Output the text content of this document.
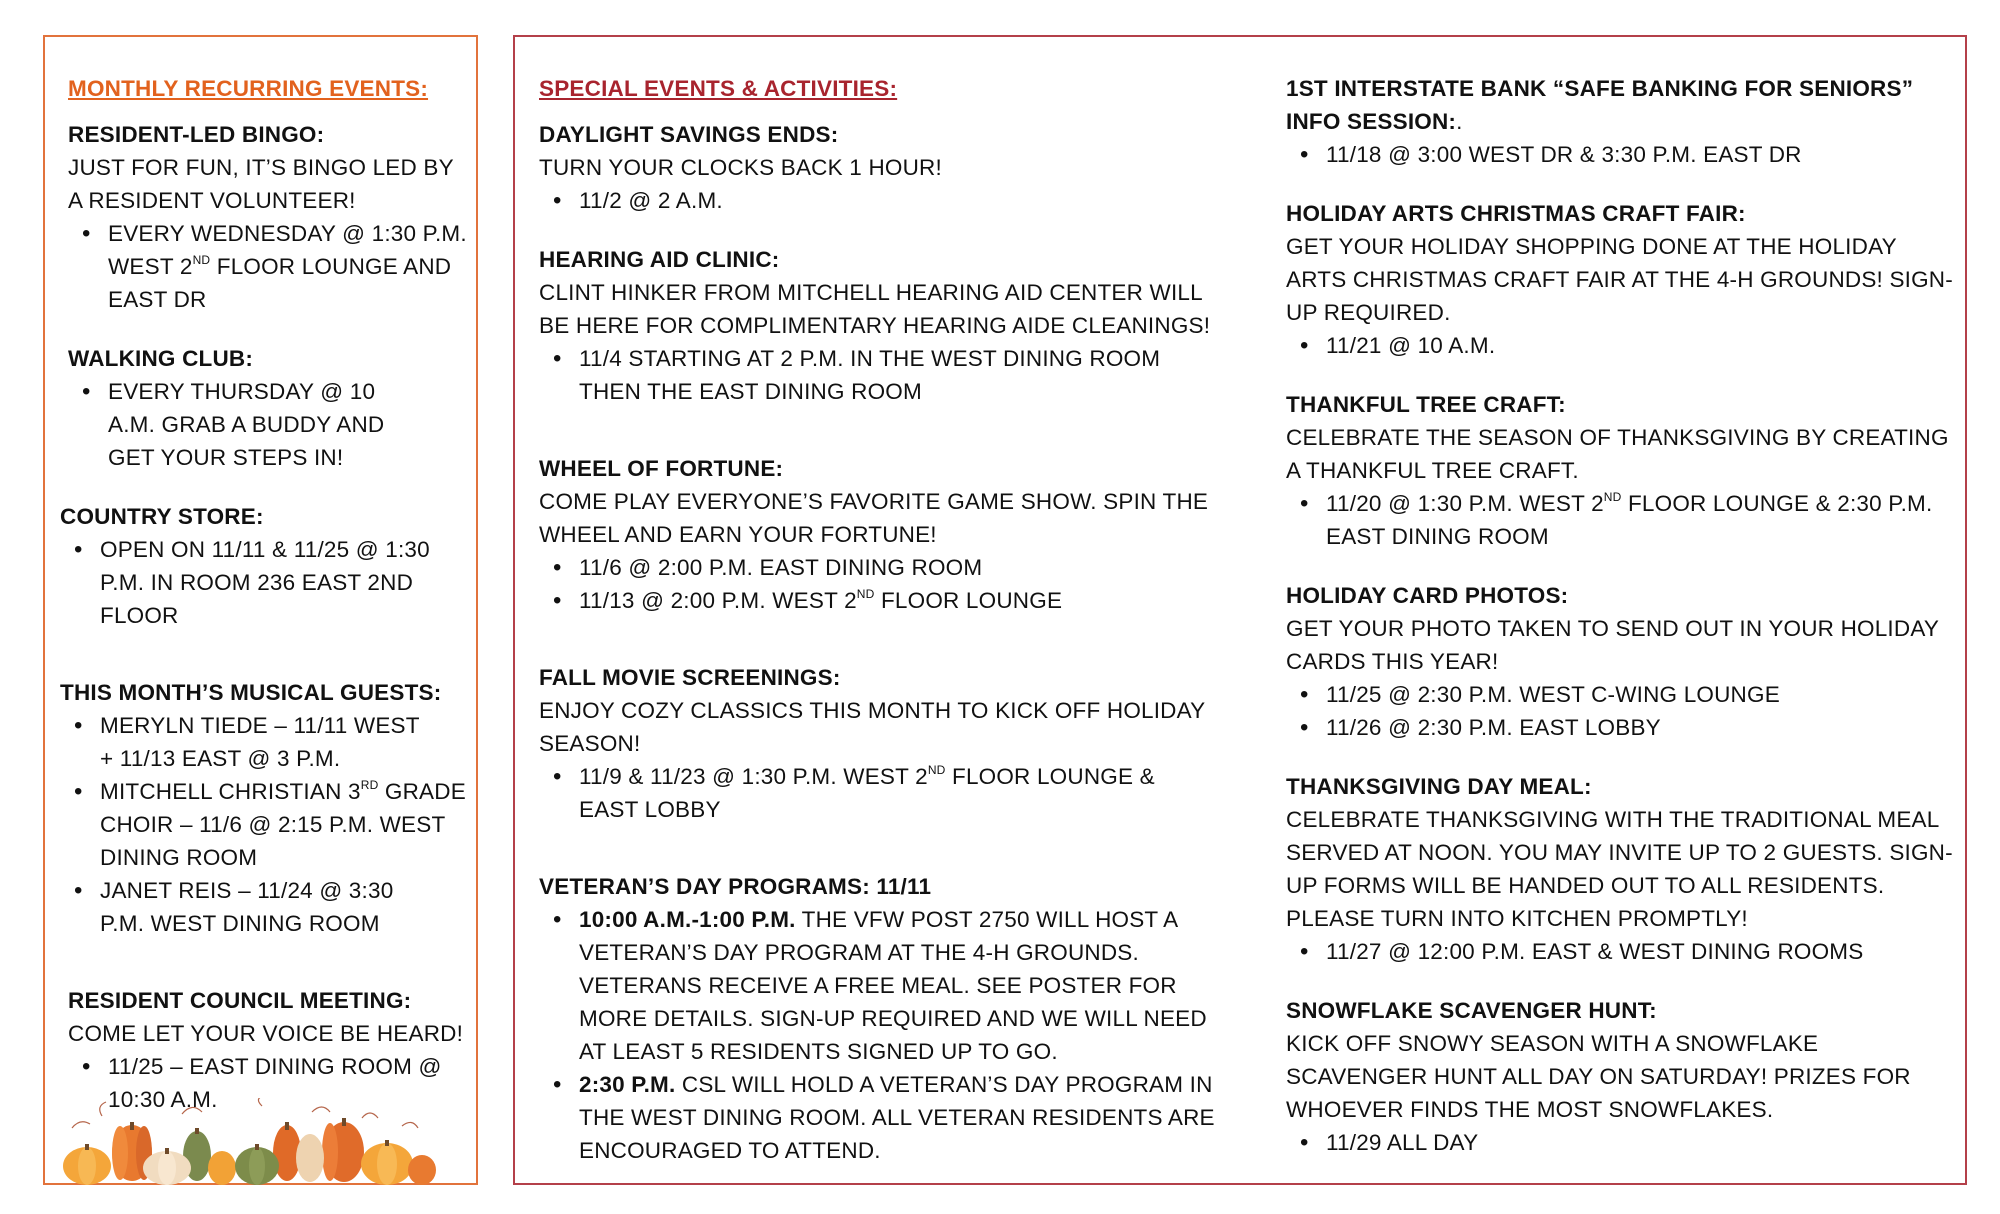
MONTHLY RECURRING EVENTS:
RESIDENT-LED BINGO:
JUST FOR FUN, IT’S BINGO LED BY A RESIDENT VOLUNTEER!
• EVERY WEDNESDAY @ 1:30 P.M. WEST 2ND FLOOR LOUNGE AND EAST DR
WALKING CLUB:
• EVERY THURSDAY @ 10 A.M. GRAB A BUDDY AND GET YOUR STEPS IN!
COUNTRY STORE:
• OPEN ON 11/11 & 11/25 @ 1:30 P.M. IN ROOM 236 EAST 2ND FLOOR
THIS MONTH’S MUSICAL GUESTS:
• MERYLN TIEDE – 11/11 WEST + 11/13 EAST @ 3 P.M.
• MITCHELL CHRISTIAN 3RD GRADE CHOIR – 11/6 @ 2:15 P.M. WEST DINING ROOM
• JANET REIS – 11/24 @ 3:30 P.M. WEST DINING ROOM
RESIDENT COUNCIL MEETING:
COME LET YOUR VOICE BE HEARD!
• 11/25 – EAST DINING ROOM @ 10:30 A.M.
SPECIAL EVENTS & ACTIVITIES:
DAYLIGHT SAVINGS ENDS:
TURN YOUR CLOCKS BACK 1 HOUR!
• 11/2 @ 2 A.M.
HEARING AID CLINIC:
CLINT HINKER FROM MITCHELL HEARING AID CENTER WILL BE HERE FOR COMPLIMENTARY HEARING AIDE CLEANINGS!
• 11/4 STARTING AT 2 P.M. IN THE WEST DINING ROOM THEN THE EAST DINING ROOM
WHEEL OF FORTUNE:
COME PLAY EVERYONE’S FAVORITE GAME SHOW. SPIN THE WHEEL AND EARN YOUR FORTUNE!
• 11/6 @ 2:00 P.M. EAST DINING ROOM
• 11/13 @ 2:00 P.M. WEST 2ND FLOOR LOUNGE
FALL MOVIE SCREENINGS:
ENJOY COZY CLASSICS THIS MONTH TO KICK OFF HOLIDAY SEASON!
• 11/9 & 11/23 @ 1:30 P.M. WEST 2ND FLOOR LOUNGE & EAST LOBBY
VETERAN’S DAY PROGRAMS: 11/11
• 10:00 A.M.-1:00 P.M. THE VFW POST 2750 WILL HOST A VETERAN’S DAY PROGRAM AT THE 4-H GROUNDS. VETERANS RECEIVE A FREE MEAL. SEE POSTER FOR MORE DETAILS. SIGN-UP REQUIRED AND WE WILL NEED AT LEAST 5 RESIDENTS SIGNED UP TO GO.
• 2:30 P.M. CSL WILL HOLD A VETERAN’S DAY PROGRAM IN THE WEST DINING ROOM. ALL VETERAN RESIDENTS ARE ENCOURAGED TO ATTEND.
1ST INTERSTATE BANK “SAFE BANKING FOR SENIORS” INFO SESSION:.
• 11/18 @ 3:00 WEST DR & 3:30 P.M. EAST DR
HOLIDAY ARTS CHRISTMAS CRAFT FAIR:
GET YOUR HOLIDAY SHOPPING DONE AT THE HOLIDAY ARTS CHRISTMAS CRAFT FAIR AT THE 4-H GROUNDS! SIGN-UP REQUIRED.
• 11/21 @ 10 A.M.
THANKFUL TREE CRAFT:
CELEBRATE THE SEASON OF THANKSGIVING BY CREATING A THANKFUL TREE CRAFT.
• 11/20 @ 1:30 P.M. WEST 2ND FLOOR LOUNGE & 2:30 P.M. EAST DINING ROOM
HOLIDAY CARD PHOTOS:
GET YOUR PHOTO TAKEN TO SEND OUT IN YOUR HOLIDAY CARDS THIS YEAR!
• 11/25 @ 2:30 P.M. WEST C-WING LOUNGE
• 11/26 @ 2:30 P.M. EAST LOBBY
THANKSGIVING DAY MEAL:
CELEBRATE THANKSGIVING WITH THE TRADITIONAL MEAL SERVED AT NOON. YOU MAY INVITE UP TO 2 GUESTS. SIGN-UP FORMS WILL BE HANDED OUT TO ALL RESIDENTS. PLEASE TURN INTO KITCHEN PROMPTLY!
• 11/27 @ 12:00 P.M. EAST & WEST DINING ROOMS
SNOWFLAKE SCAVENGER HUNT:
KICK OFF SNOWY SEASON WITH A SNOWFLAKE SCAVENGER HUNT ALL DAY ON SATURDAY! PRIZES FOR WHOEVER FINDS THE MOST SNOWFLAKES.
• 11/29 ALL DAY
